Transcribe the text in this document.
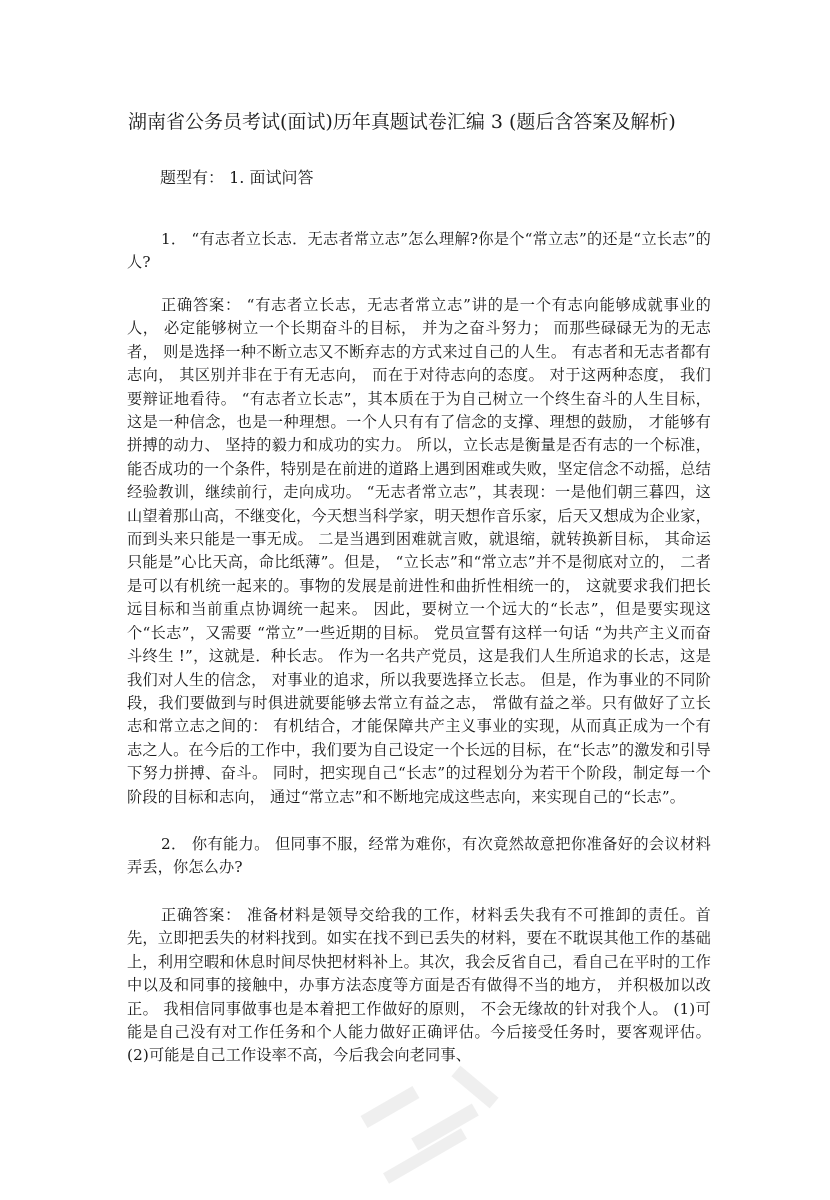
湖南省公务员考试(面试)历年真题试卷汇编 3 (题后含答案及解析)
题型有： 1. 面试问答

1． “有志者立长志．无志者常立志”怎么理解?你是个“常立志”的还是“立长志”的人?

正确答案： “有志者立长志，无志者常立志”讲的是一个有志向能够成就事业的人， 必定能够树立一个长期奋斗的目标， 并为之奋斗努力； 而那些碌碌无为的无志者， 则是选择一种不断立志又不断弃志的方式来过自己的人生。 有志者和无志者都有志向， 其区别并非在于有无志向， 而在于对待志向的态度。 对于这两种态度， 我们要辩证地看待。 “有志者立长志”，其本质在于为自己树立一个终生奋斗的人生目标，这是一种信念，也是一种理想。一个人只有有了信念的支撑、理想的鼓励， 才能够有拼搏的动力、 坚持的毅力和成功的实力。 所以，立长志是衡量是否有志的一个标准，能否成功的一个条件，特别是在前进的道路上遇到困难或失败，坚定信念不动摇，总结经验教训，继续前行，走向成功。 “无志者常立志”，其表现：一是他们朝三暮四，这山望着那山高，不继变化，今天想当科学家，明天想作音乐家，后天又想成为企业家，而到头来只能是一事无成。 二是当遇到困难就言败，就退缩，就转换新目标， 其命运只能是”心比天高，命比纸薄”。但是， “立长志”和“常立志”并不是彻底对立的， 二者是可以有机统一起来的。事物的发展是前进性和曲折性相统一的， 这就要求我们把长远目标和当前重点协调统一起来。 因此，要树立一个远大的“长志”，但是要实现这个“长志”，又需要 “常立”一些近期的目标。 党员宣誓有这样一句话 “为共产主义而奋斗终生 !”，这就是．种长志。 作为一名共产党员，这是我们人生所追求的长志，这是我们对人生的信念， 对事业的追求，所以我要选择立长志。 但是，作为事业的不同阶段，我们要做到与时俱进就要能够去常立有益之志， 常做有益之举。只有做好了立长志和常立志之间的： 有机结合，才能保障共产主义事业的实现，从而真正成为一个有志之人。在今后的工作中，我们要为自己设定一个长远的目标，在“长志”的激发和引导下努力拼搏、奋斗。 同时，把实现自己“长志”的过程划分为若干个阶段，制定每一个阶段的目标和志向， 通过“常立志”和不断地完成这些志向，来实现自己的“长志”。

2． 你有能力。 但同事不服，经常为难你，有次竟然故意把你准备好的会议材料弄丢，你怎么办?

正确答案： 准备材料是领导交给我的工作，材料丢失我有不可推卸的责任。首先，立即把丢失的材料找到。如实在找不到已丢失的材料，要在不耽误其他工作的基础上，利用空暇和休息时间尽快把材料补上。其次，我会反省自己，看自己在平时的工作中以及和同事的接触中，办事方法态度等方面是否有做得不当的地方， 并积极加以改正。 我相信同事做事也是本着把工作做好的原则， 不会无缘故的针对我个人。 (1)可能是自己没有对工作任务和个人能力做好正确评估。今后接受任务时，要客观评估。(2)可能是自己工作设率不高，今后我会向老同事、
